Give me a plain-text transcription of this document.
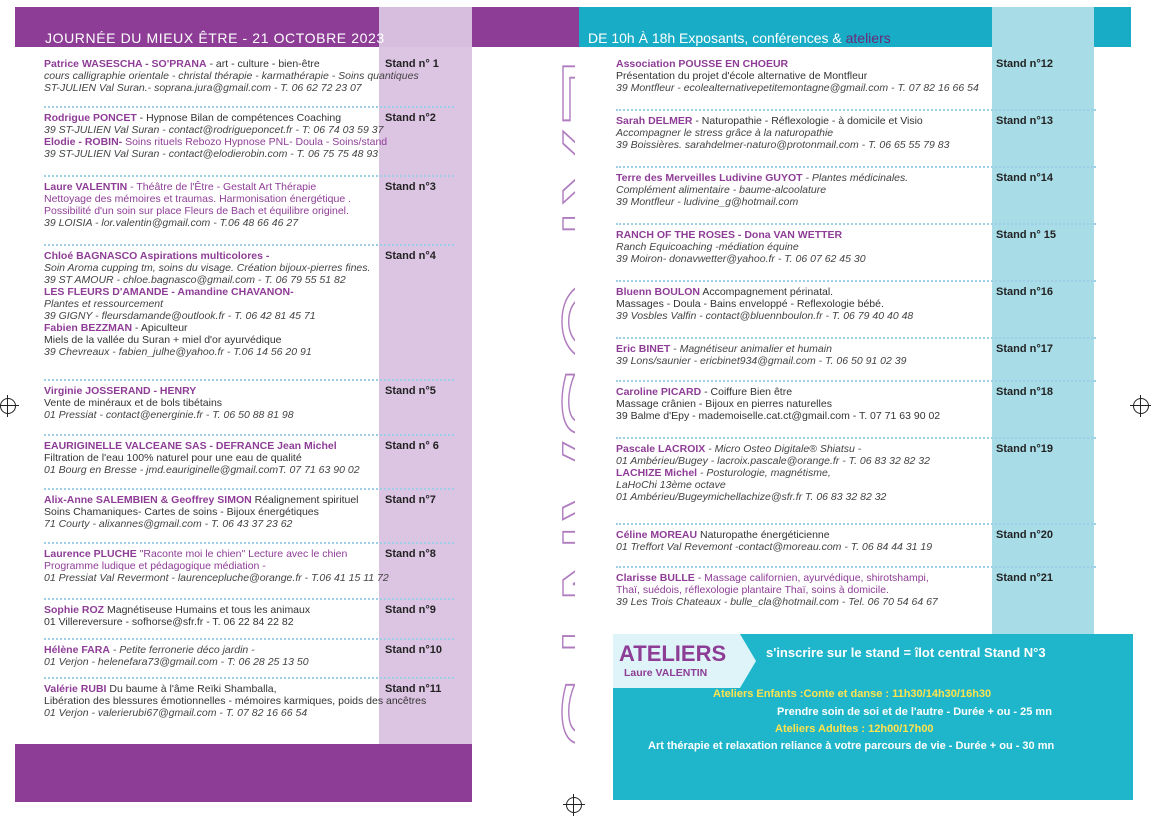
JOURNÉE DU MIEUX ÊTRE - 21 OCTOBRE 2023	DE 10h À 18h Exposants, conférences & ateliers
EXPOSANTS
Patrice WASESCHA - SO'PRANA - art - culture - bien-être
cours calligraphie orientale - christal thérapie - karmathérapie - Soins quantiques
ST-JULIEN Val Suran.- soprana.jura@gmail.com - T. 06 62 72 23 07
Stand n° 1
Rodrigue PONCET - Hypnose Bilan de compétences Coaching
39 ST-JULIEN Val Suran - contact@rodrigueponcet.fr - T: 06 74 03 59 37
Elodie - ROBIN- Soins rituels Rebozo Hypnose PNL- Doula - Soins/stand
39 ST-JULIEN Val Suran - contact@elodierobin.com - T. 06 75 75 48 93
Stand n°2
Laure VALENTIN - Théâtre de l'Être - Gestalt Art Thérapie
Nettoyage des mémoires et traumas. Harmonisation énergétique .
Possibilité d'un soin sur place Fleurs de Bach et équilibre originel.
39 LOISIA - lor.valentin@gmail.com - T.06 48 66 46 27
Stand n°3
Chloé BAGNASCO Aspirations multicolores -
Soin Aroma cupping tm, soins du visage. Création bijoux-pierres fines.
39 ST AMOUR - chloe.bagnasco@gmail.com - T. 06 79 55 51 82
LES FLEURS D'AMANDE - Amandine CHAVANON-
Plantes et ressourcement
39 GIGNY - fleursdamande@outlook.fr - T. 06 42 81 45 71
Fabien BEZZMAN - Apiculteur
Miels de la vallée du Suran + miel d'or ayurvédique
39 Chevreaux - fabien_julhe@yahoo.fr - T.06 14 56 20 91
Stand n°4
Virginie JOSSERAND - HENRY
Vente de minéraux et de bols tibétains
01 Pressiat - contact@energinie.fr - T. 06 50 88 81 98
Stand n°5
EAURIGINELLE VALCEANE SAS - DEFRANCE Jean Michel
Filtration de l'eau 100% naturel pour une eau de qualité
01 Bourg en Bresse - jmd.eauriginelle@gmail.comT. 07 71 63 90 02
Stand n° 6
Alix-Anne SALEMBIEN & Geoffrey SIMON Réalignement spirituel
Soins Chamaniques- Cartes de soins - Bijoux énergétiques
71 Courty - alixannes@gmail.com - T. 06 43 37 23 62
Stand n°7
Laurence PLUCHE "Raconte moi le chien" Lecture avec le chien
Programme ludique et pédagogique médiation -
01 Pressiat Val Revermont - laurencepluche@orange.fr - T.06 41 15 11 72
Stand n°8
Sophie ROZ Magnétiseuse Humains et tous les animaux
01 Villereversure - sofhorse@sfr.fr - T. 06 22 84 22 82
Stand n°9
Hélène FARA - Petite ferronerie déco jardin -
01 Verjon - helenefara73@gmail.com - T: 06 28 25 13 50
Stand n°10
Valérie RUBI Du baume à l'âme Reïki Shamballa,
Libération des blessures émotionnelles - mémoires karmiques, poids des ancêtres
01 Verjon - valerierubi67@gmail.com - T. 07 82 16 66 54
Stand n°11
Association POUSSE EN CHOEUR
Présentation du projet d'école alternative de Montfleur
39 Montfleur - ecolealternativepetitemontagne@gmail.com - T. 07 82 16 66 54
Stand n°12
Sarah DELMER - Naturopathie - Réflexologie - à domicile et Visio
Accompagner le stress grâce à la naturopathie
39 Boissières. sarahdelmer-naturo@protonmail.com - T. 06 65 55 79 83
Stand n°13
Terre des Merveilles Ludivine GUYOT - Plantes médicinales.
Complément alimentaire - baume-alcoolature
39 Montfleur - ludivine_g@hotmail.com
Stand n°14
RANCH OF THE ROSES - Dona VAN WETTER
Ranch Equicoaching -médiation équine
39 Moiron- donavwetter@yahoo.fr - T. 06 07 62 45 30
Stand n° 15
Bluenn BOULON Accompagnement périnatal.
Massages - Doula - Bains enveloppé - Reflexologie bébé.
39 Vosbles Valfin - contact@bluennboulon.fr - T. 06 79 40 40 48
Stand n°16
Eric BINET - Magnétiseur animalier et humain
39 Lons/saunier - ericbinet934@gmail.com - T. 06 50 91 02 39
Stand n°17
Caroline PICARD - Coiffure Bien être
Massage crânien - Bijoux en pierres naturelles
39 Balme d'Epy - mademoiselle.cat.ct@gmail.com - T. 07 71 63 90 02
Stand n°18
Pascale LACROIX - Micro Osteo Digitale® Shiatsu -
01 Ambérieu/Bugey - lacroix.pascale@orange.fr - T. 06 83 32 82 32
LACHIZE Michel - Posturologie, magnétisme,
LaHoChi 13ème octave
01 Ambérieu/Bugeymichellachize@sfr.fr T. 06 83 32 82 32
Stand n°19
Céline MOREAU Naturopathe énergéticienne
01 Treffort Val Revemont -contact@moreau.com - T. 06 84 44 31 19
Stand n°20
Clarisse BULLE - Massage californien, ayurvédique, shirotshampi,
Thaï, suédois, réflexologie plantaire Thaï, soins à domicile.
39 Les Trois Chateaux - bulle_cla@hotmail.com - Tel. 06 70 54 64 67
Stand n°21
ATELIERS
Laure VALENTIN
s'inscrire sur le stand = îlot central Stand N°3
Ateliers Enfants :Conte et danse : 11h30/14h30/16h30
Prendre soin de soi et de l'autre - Durée + ou - 25 mn
Ateliers Adultes : 12h00/17h00
Art thérapie et relaxation reliance à votre parcours de vie - Durée + ou - 30 mn
